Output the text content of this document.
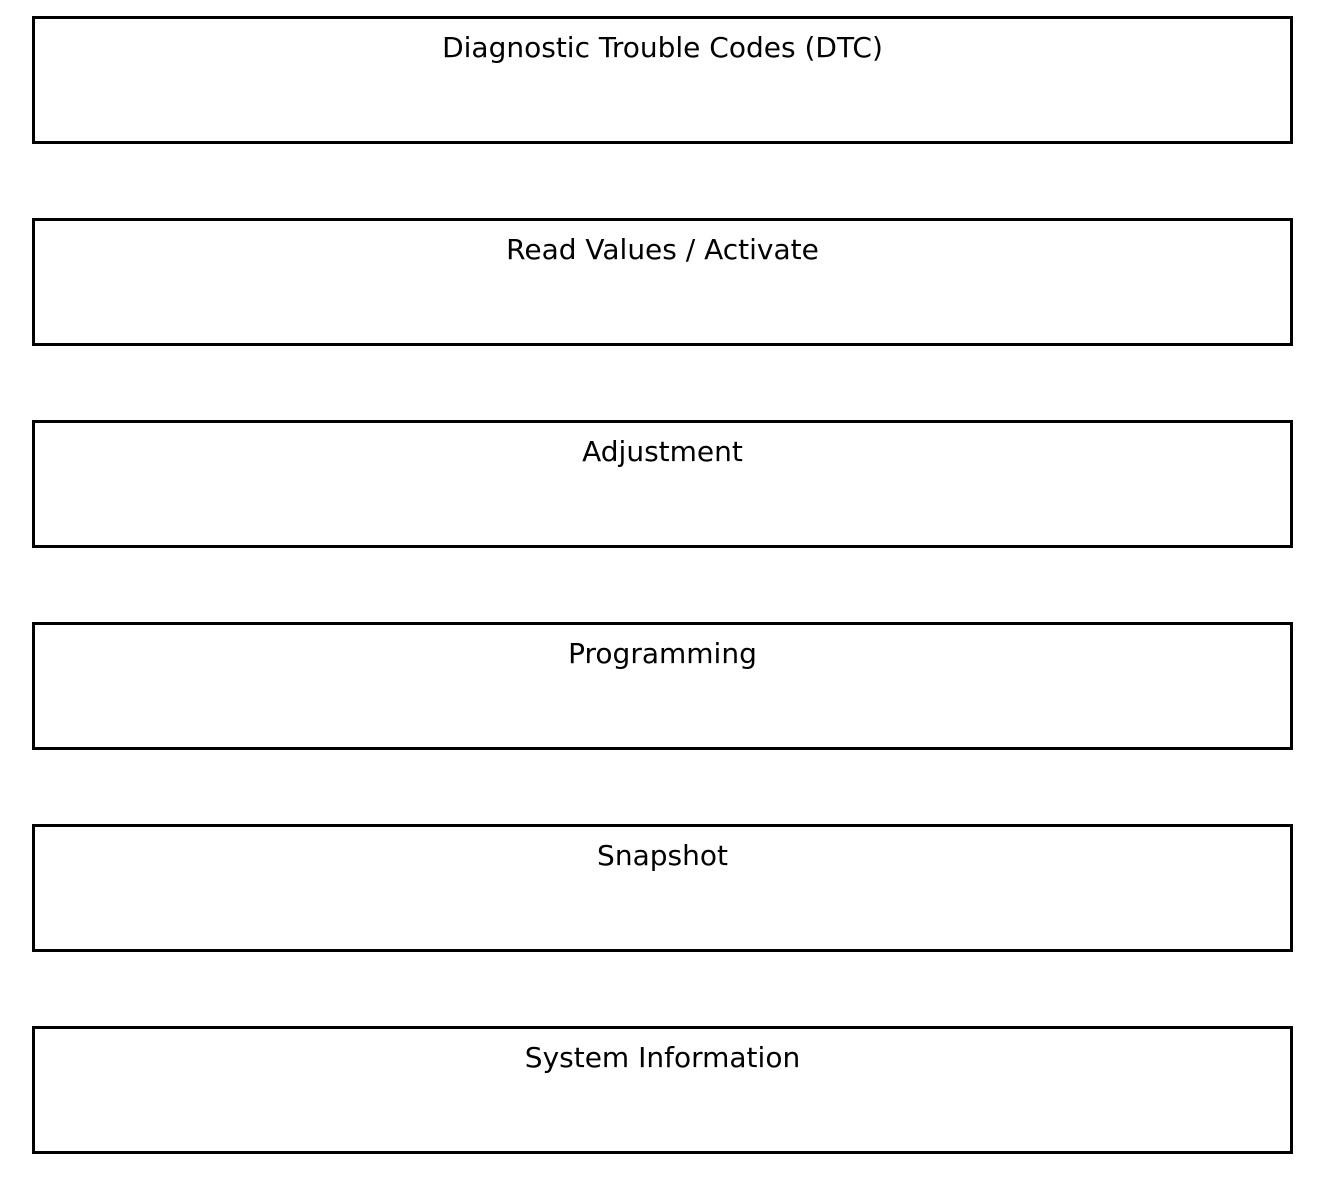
Diagnostic Trouble Codes (DTC)
Read Values / Activate
Adjustment
Programming
Snapshot
System Information
